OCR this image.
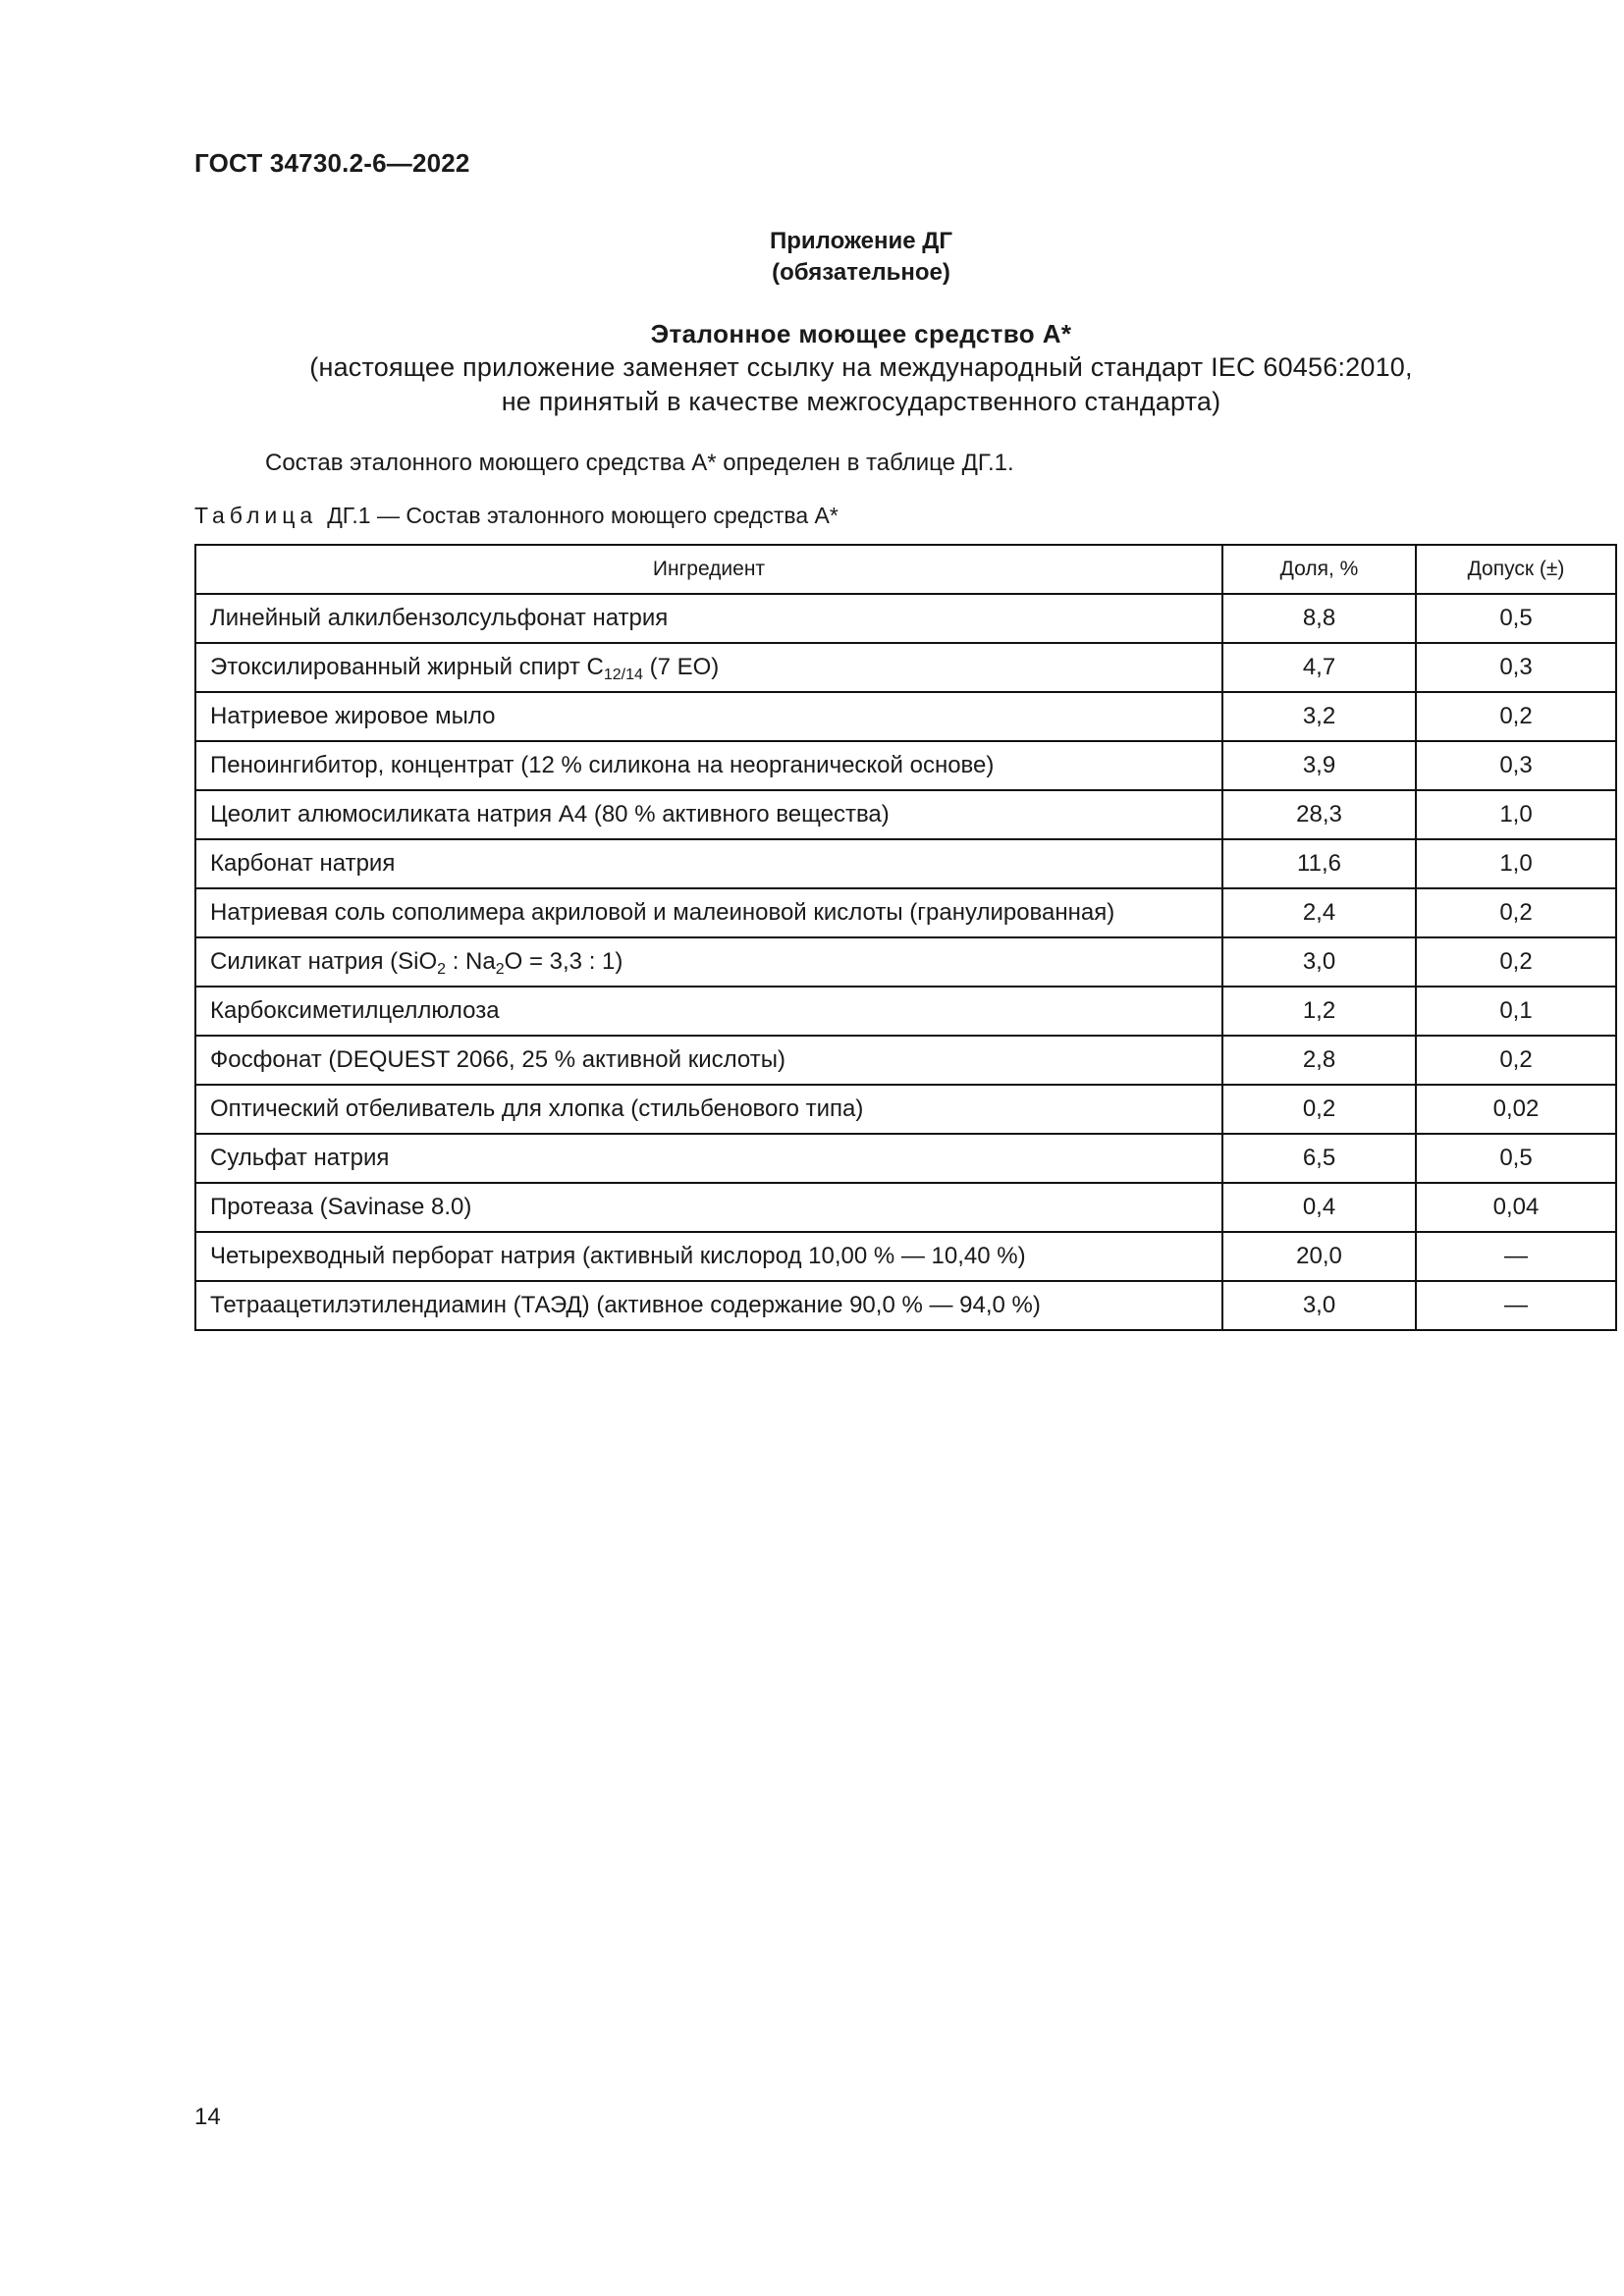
ГОСТ 34730.2-6—2022
Приложение ДГ
(обязательное)
Эталонное моющее средство А*
(настоящее приложение заменяет ссылку на международный стандарт IEC 60456:2010,
не принятый в качестве межгосударственного стандарта)
Состав эталонного моющего средства А* определен в таблице ДГ.1.
Таблица ДГ.1 — Состав эталонного моющего средства А*
Ингредиент	Доля, %	Допуск (±)
Линейный алкилбензолсульфонат натрия	8,8	0,5
Этоксилированный жирный спирт $С_{12/14}$ (7 ЕО)	4,7	0,3
Натриевое жировое мыло	3,2	0,2
Пеноингибитор, концентрат (12 % силикона на неорганической основе)	3,9	0,3
Цеолит алюмосиликата натрия А4 (80 % активного вещества)	28,3	1,0
Карбонат натрия	11,6	1,0
Натриевая соль сополимера акриловой и малеиновой кислоты (гранулированная)	2,4	0,2
Силикат натрия (SiO$_2$ : $Na_2O = 3,3$ : 1)	3,0	0,2
Карбоксиметилцеллюлоза	1,2	0,1
Фосфонат (DEQUEST 2066, 25 % активной кислоты)	2,8	0,2
Оптический отбеливатель для хлопка (стильбенового типа)	0,2	0,02
Сульфат натрия	6,5	0,5
Протеаза (Savinase 8.0)	0,4	0,04
Четырехводный перборат натрия (активный кислород 10,00 % — 10,40 %)	20,0	—
Тетраацетилэтилендиамин (ТАЭД) (активное содержание 90,0 % — 94,0 %)	3,0	—
14
